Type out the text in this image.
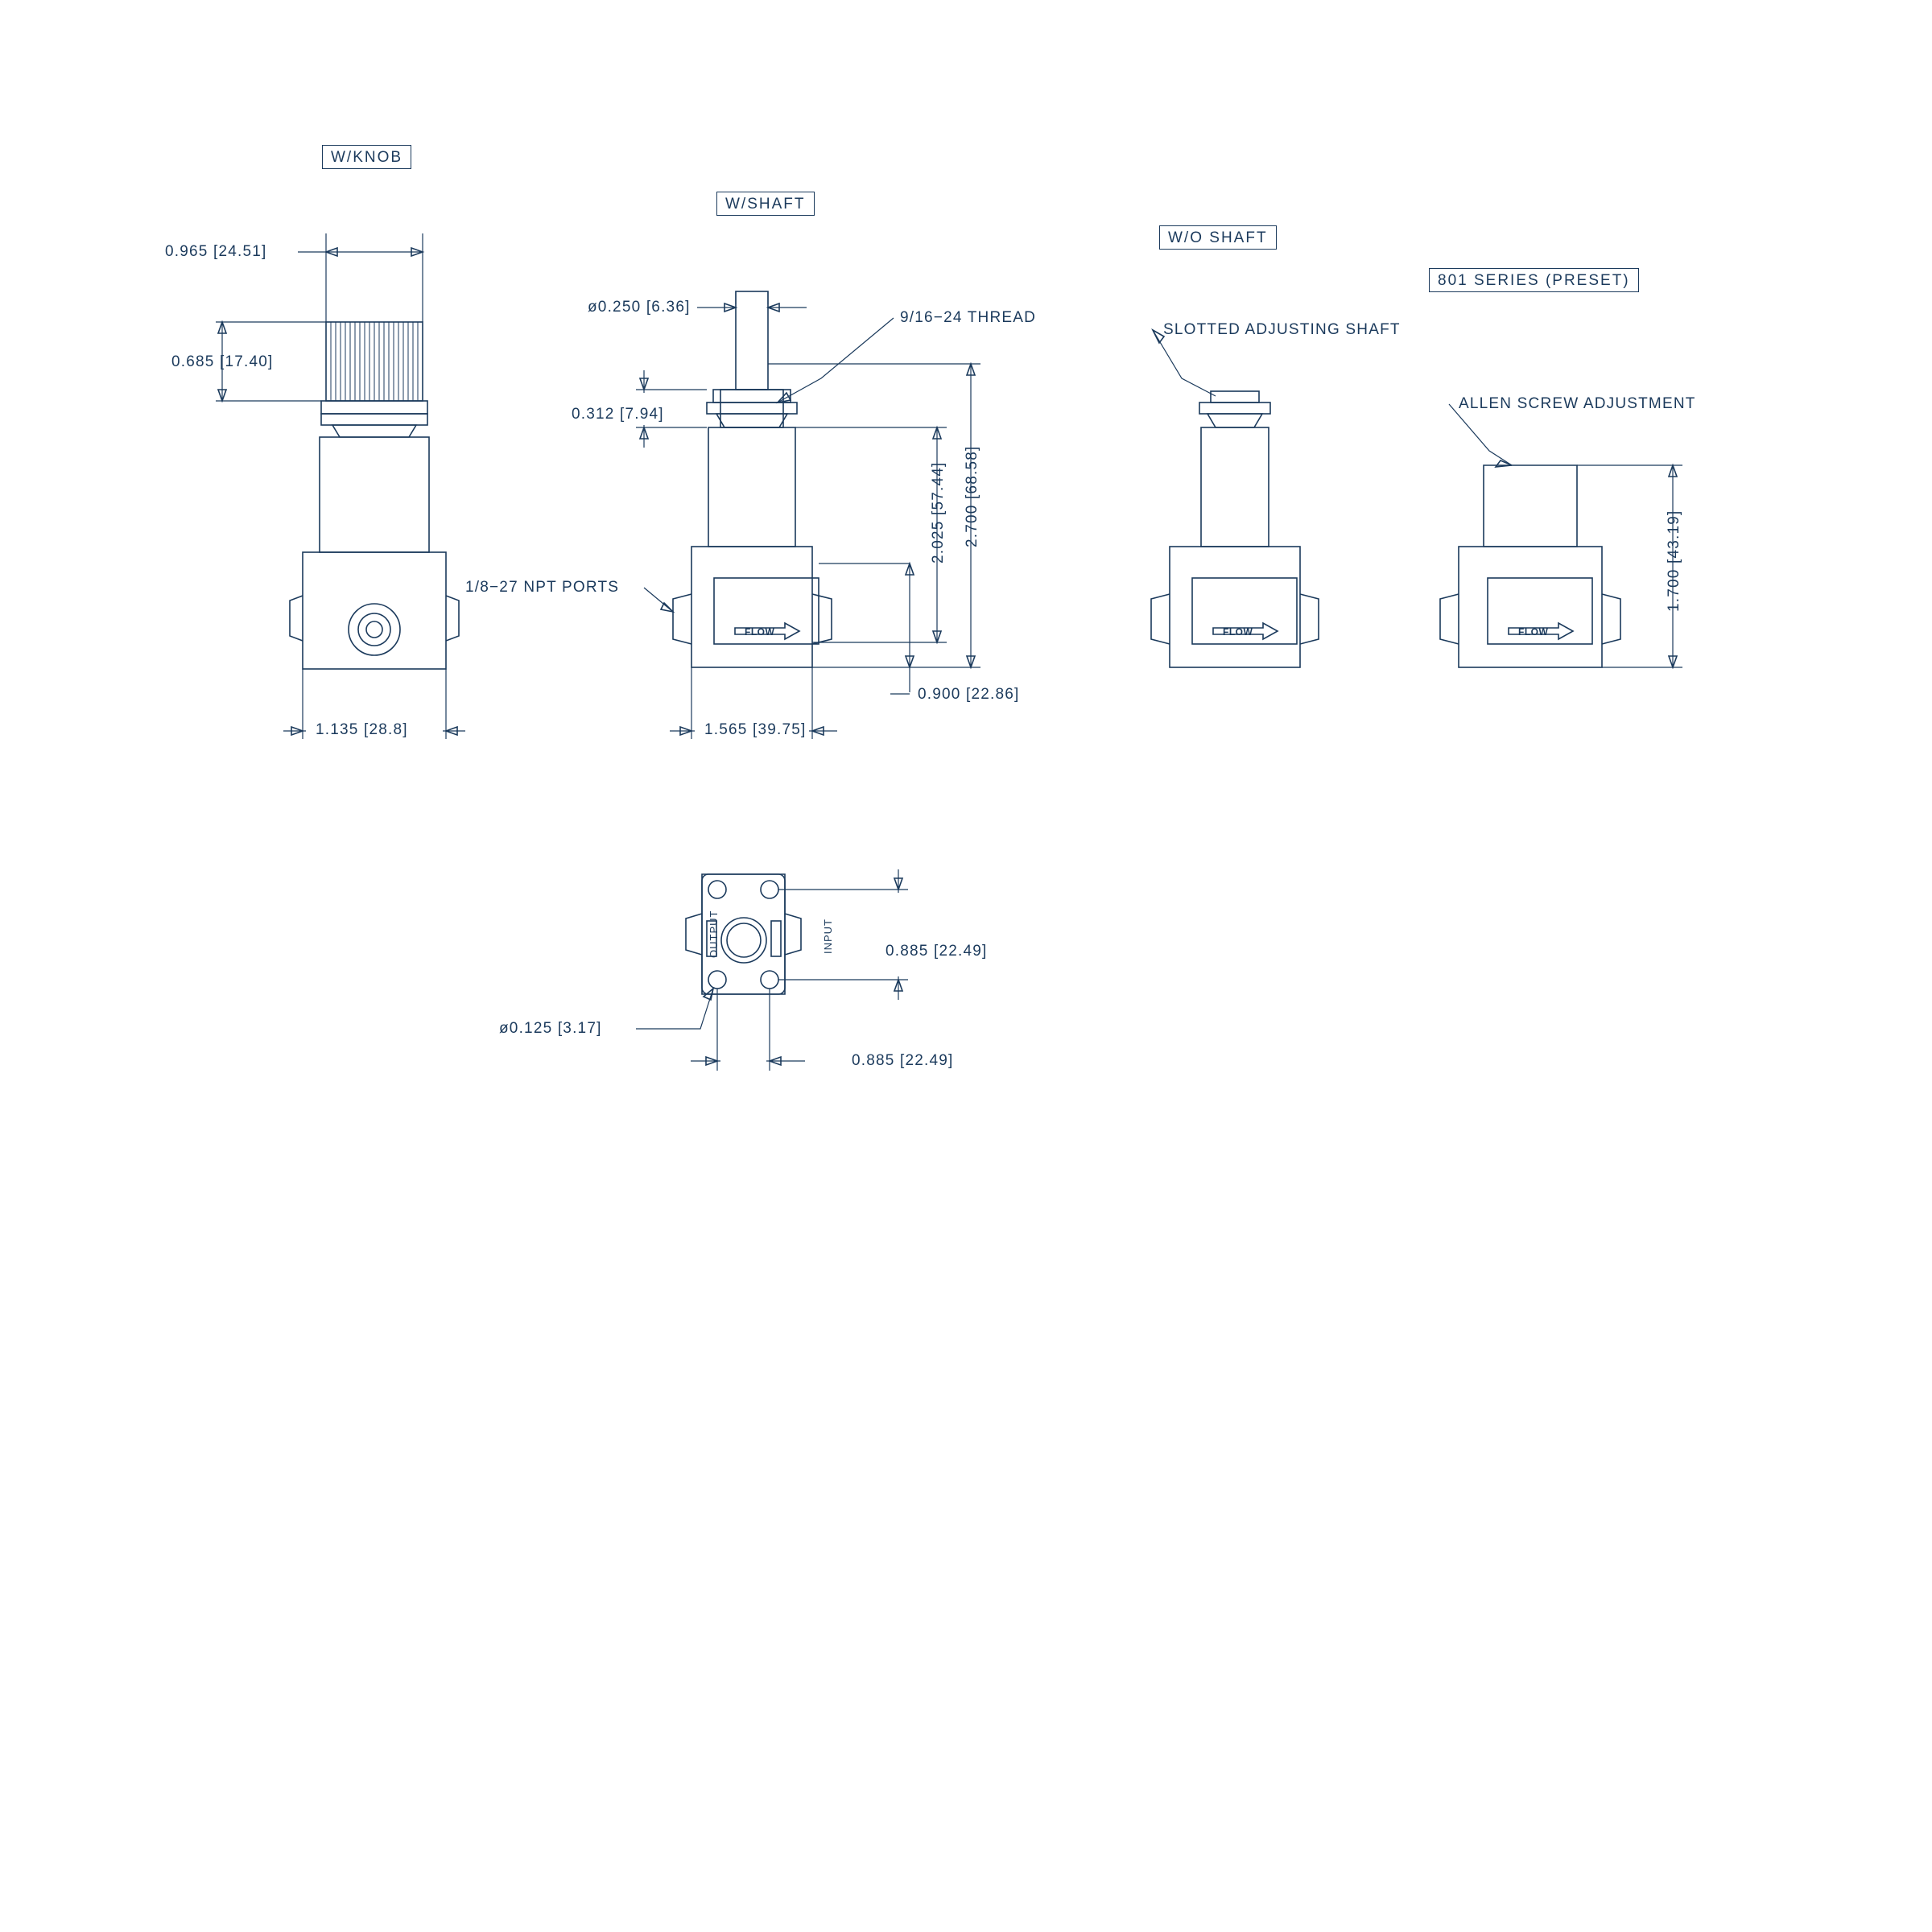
W/KNOB
W/SHAFT
W/O SHAFT
801 SERIES (PRESET)
0.965 [24.51]
0.685 [17.40]
1.135 [28.8]
ø0.250 [6.36]
0.312 [7.94]
2.700 [68.58]
2.025 [57.44]
0.900 [22.86]
1.565 [39.75]
9/16−24 THREAD
1/8−27 NPT PORTS
FLOW
SLOTTED ADJUSTING SHAFT
FLOW
ALLEN SCREW ADJUSTMENT
FLOW
1.700 [43.19]
0.885 [22.49]
0.885 [22.49]
ø0.125 [3.17]
OUTPUT	INPUT
